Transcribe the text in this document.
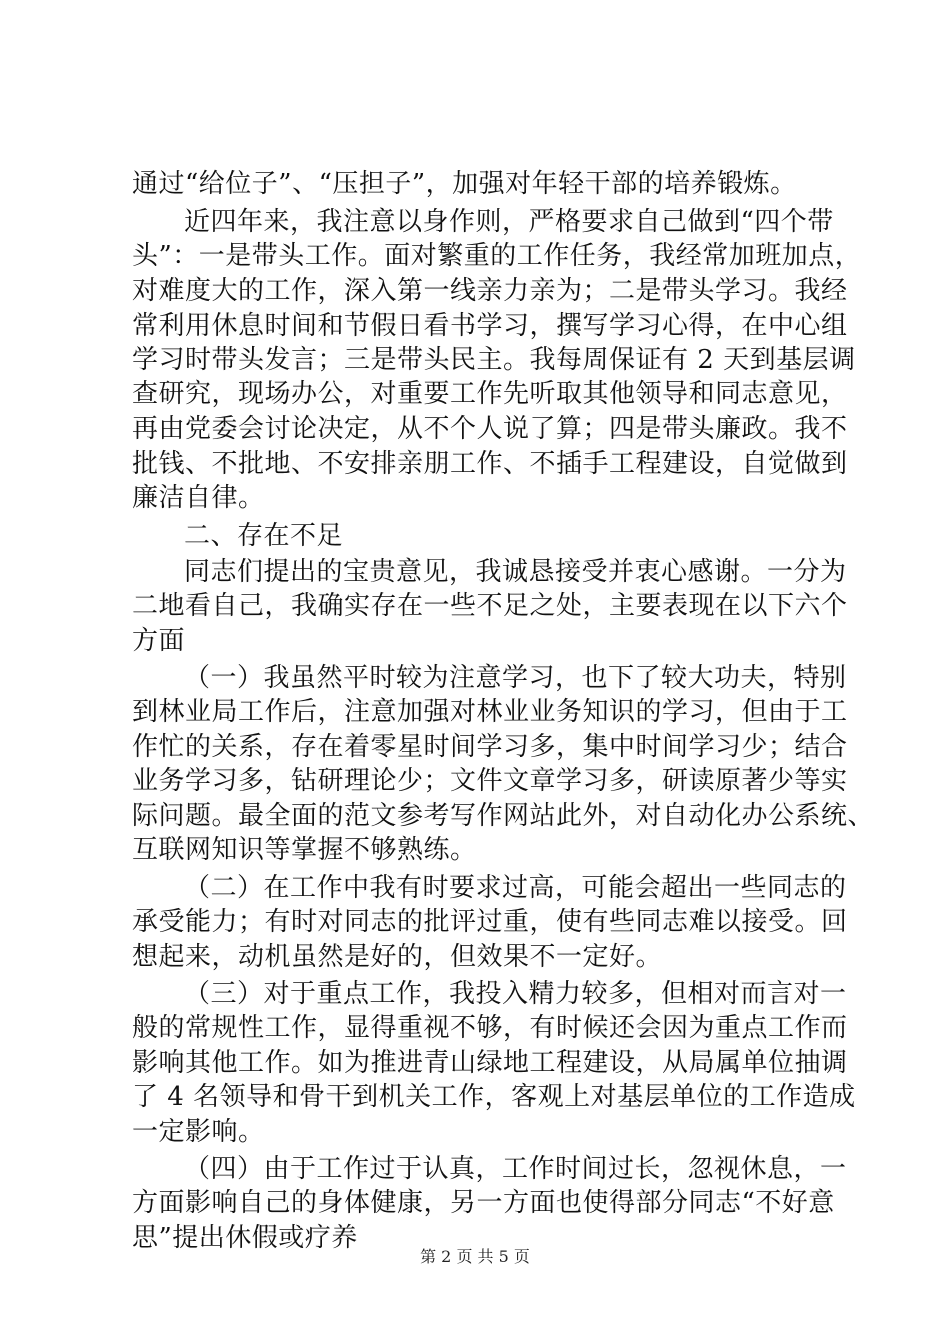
通过“给位子”、“压担子”，加强对年轻干部的培养锻炼。
近四年来，我注意以身作则，严格要求自己做到“四个带
头”：一是带头工作。面对繁重的工作任务，我经常加班加点，
对难度大的工作，深入第一线亲力亲为；二是带头学习。我经
常利用休息时间和节假日看书学习，撰写学习心得，在中心组
学习时带头发言；三是带头民主。我每周保证有 2 天到基层调
查研究，现场办公，对重要工作先听取其他领导和同志意见，
再由党委会讨论决定，从不个人说了算；四是带头廉政。我不
批钱、不批地、不安排亲朋工作、不插手工程建设，自觉做到
廉洁自律。
二、存在不足
同志们提出的宝贵意见，我诚恳接受并衷心感谢。一分为
二地看自己，我确实存在一些不足之处，主要表现在以下六个
方面
（一）我虽然平时较为注意学习，也下了较大功夫，特别
到林业局工作后，注意加强对林业业务知识的学习，但由于工
作忙的关系，存在着零星时间学习多，集中时间学习少；结合
业务学习多，钻研理论少；文件文章学习多，研读原著少等实
际问题。最全面的范文参考写作网站此外，对自动化办公系统、
互联网知识等掌握不够熟练。
（二）在工作中我有时要求过高，可能会超出一些同志的
承受能力；有时对同志的批评过重，使有些同志难以接受。回
想起来，动机虽然是好的，但效果不一定好。
（三）对于重点工作，我投入精力较多，但相对而言对一
般的常规性工作，显得重视不够，有时候还会因为重点工作而
影响其他工作。如为推进青山绿地工程建设，从局属单位抽调
了 4 名领导和骨干到机关工作，客观上对基层单位的工作造成
一定影响。
（四）由于工作过于认真，工作时间过长，忽视休息，一
方面影响自己的身体健康，另一方面也使得部分同志“不好意
思”提出休假或疗养
第 2 页 共 5 页
